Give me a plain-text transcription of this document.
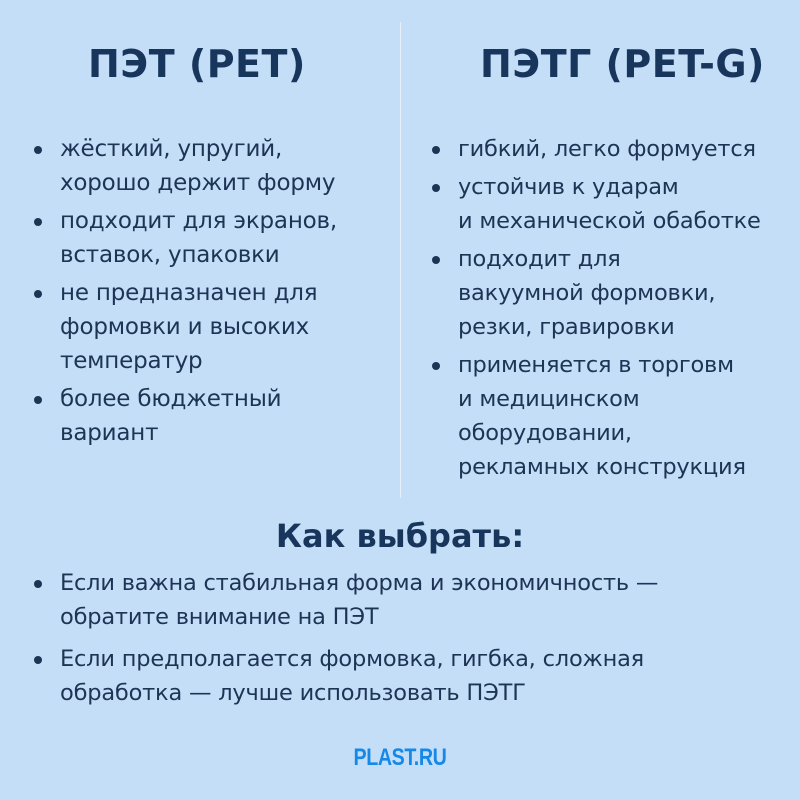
ПЭТ (PET)
жёсткий, упругий,
хорошо держит форму
подходит для экранов,
вставок, упаковки
не предназначен для
формовки и высоких
температур
более бюджетный
вариант
ПЭТГ (PET-G)
гибкий, легко формуется
устойчив к ударам
и механической обаботке
подходит для
вакуумной формовки,
резки, гравировки
применяется в торговм
и медицинском
оборудовании,
рекламных конструкция
Как выбрать:
Если важна стабильная форма и экономичность —
обратите внимание на ПЭТ
Если предполагается формовка, гигбка, сложная
обработка — лучше использовать ПЭТГ
PLAST.RU
